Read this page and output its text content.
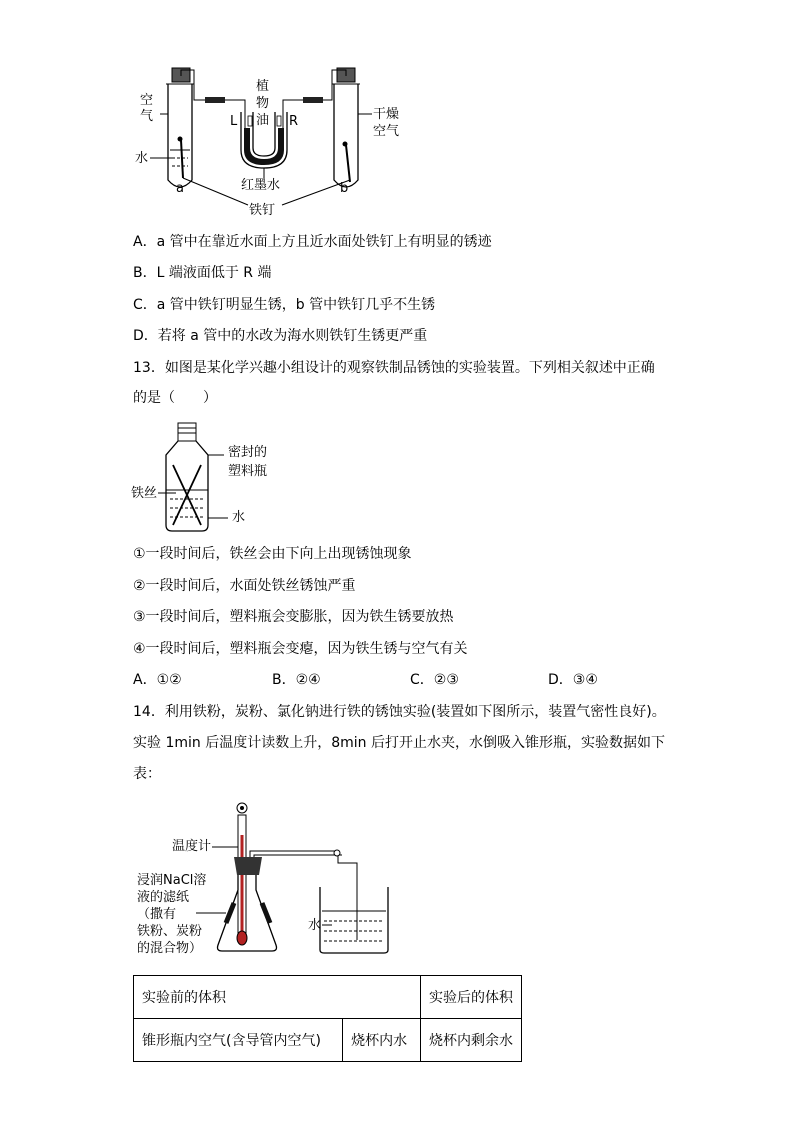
空
气
植
物
油
L	R	干燥
空气
水
a	b
红墨水
铁钉
A．a 管中在靠近水面上方且近水面处铁钉上有明显的锈迹
B．L 端液面低于 R 端
C．a 管中铁钉明显生锈，b 管中铁钉几乎不生锈
D．若将 a 管中的水改为海水则铁钉生锈更严重
13．如图是某化学兴趣小组设计的观察铁制品锈蚀的实验装置。下列相关叙述中正确
的是（　　）
密封的
塑料瓶
铁丝
水
①一段时间后，铁丝会由下向上出现锈蚀现象
②一段时间后，水面处铁丝锈蚀严重
③一段时间后，塑料瓶会变膨胀，因为铁生锈要放热
④一段时间后，塑料瓶会变瘪，因为铁生锈与空气有关
A．①②	B．②④	C．②③	D．③④
14．利用铁粉，炭粉、氯化钠进行铁的锈蚀实验(装置如下图所示，装置气密性良好)。
实验 1min 后温度计读数上升，8min 后打开止水夹，水倒吸入锥形瓶，实验数据如下
表：
温度计
浸润NaCl溶
液的滤纸
（撒有
铁粉、炭粉
的混合物）
水
实验前的体积		实验后的体积
锥形瓶内空气(含导管内空气)	烧杯内水	烧杯内剩余水
